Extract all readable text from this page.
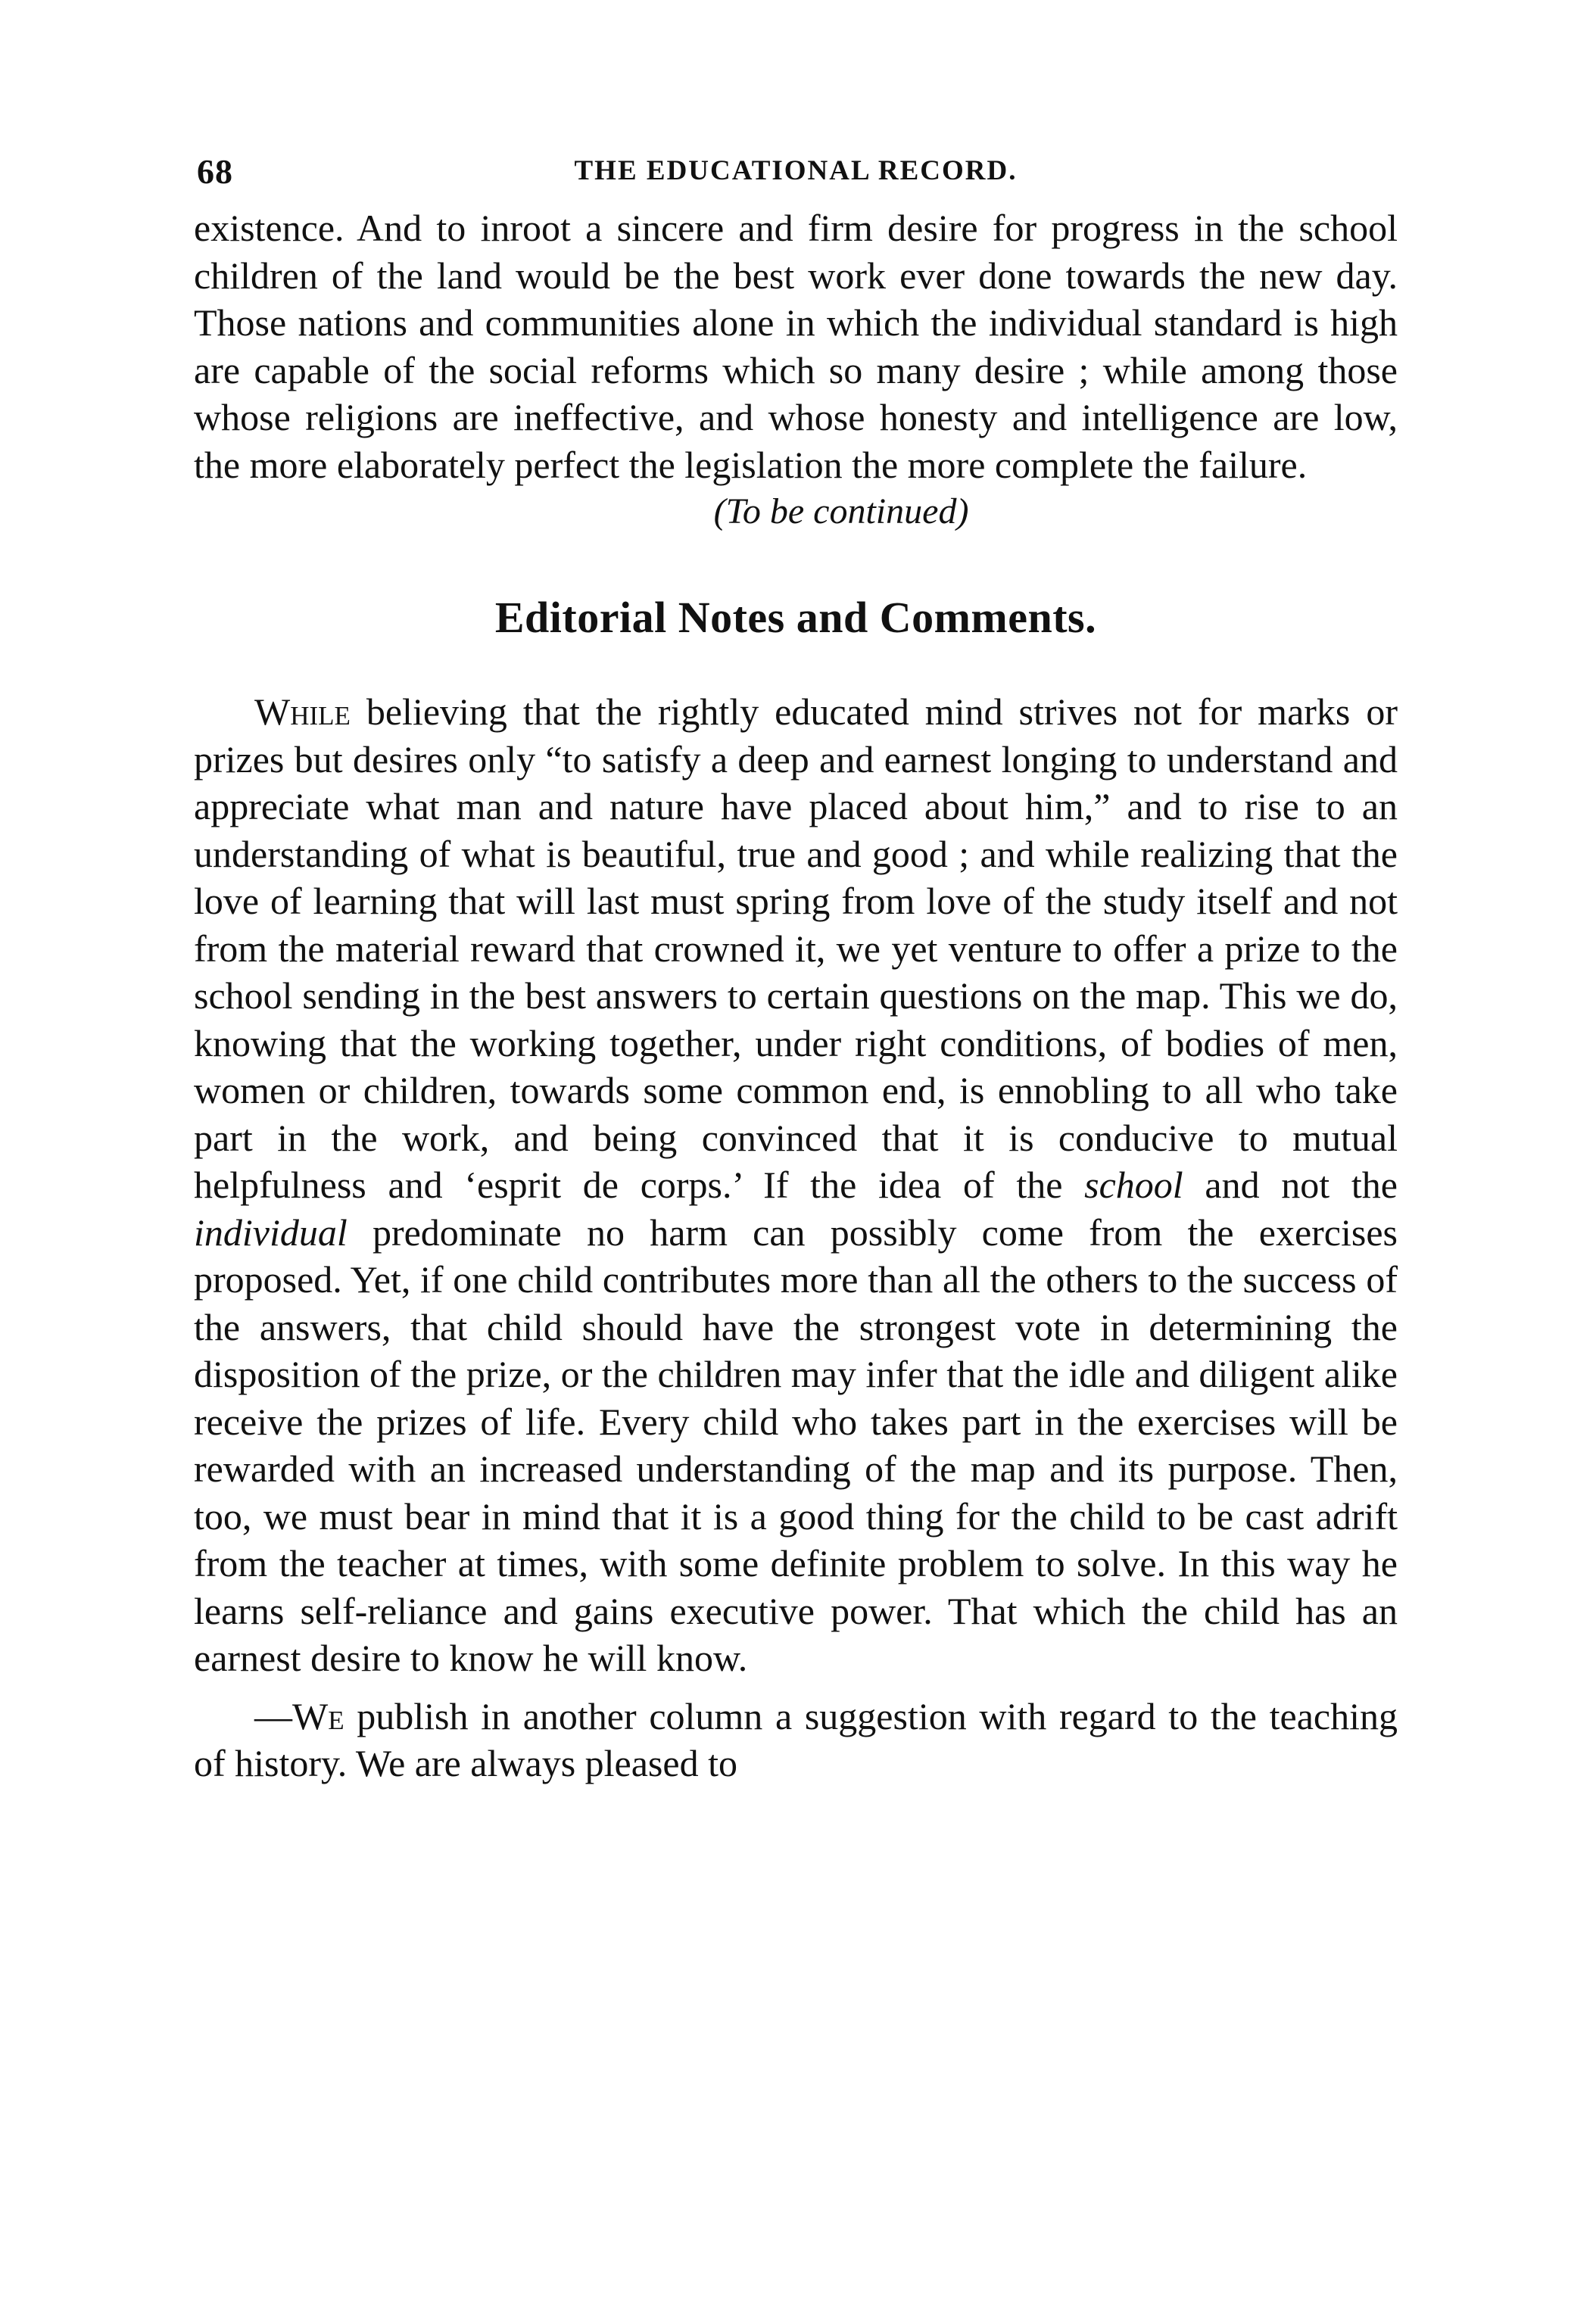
68	THE EDUCATIONAL RECORD.

existence. And to inroot a sincere and firm desire for progress in the school children of the land would be the best work ever done towards the new day. Those nations and communities alone in which the individual standard is high are capable of the social reforms which so many desire ; while among those whose religions are ineffective, and whose honesty and intelligence are low, the more elaborately perfect the legislation the more complete the failure.

(To be continued)

Editorial Notes and Comments.

While believing that the rightly educated mind strives not for marks or prizes but desires only “to satisfy a deep and earnest longing to understand and appreciate what man and nature have placed about him,” and to rise to an understanding of what is beautiful, true and good ; and while realizing that the love of learning that will last must spring from love of the study itself and not from the material reward that crowned it, we yet venture to offer a prize to the school sending in the best answers to certain questions on the map. This we do, knowing that the working together, under right conditions, of bodies of men, women or children, towards some common end, is ennobling to all who take part in the work, and being convinced that it is conducive to mutual helpfulness and ‘esprit de corps.’ If the idea of the school and not the individual predominate no harm can possibly come from the exercises proposed. Yet, if one child contributes more than all the others to the success of the answers, that child should have the strongest vote in determining the disposition of the prize, or the children may infer that the idle and diligent alike receive the prizes of life. Every child who takes part in the exercises will be rewarded with an increased understanding of the map and its purpose. Then, too, we must bear in mind that it is a good thing for the child to be cast adrift from the teacher at times, with some definite problem to solve. In this way he learns self-reliance and gains executive power. That which the child has an earnest desire to know he will know.

—We publish in another column a suggestion with regard to the teaching of history. We are always pleased to
